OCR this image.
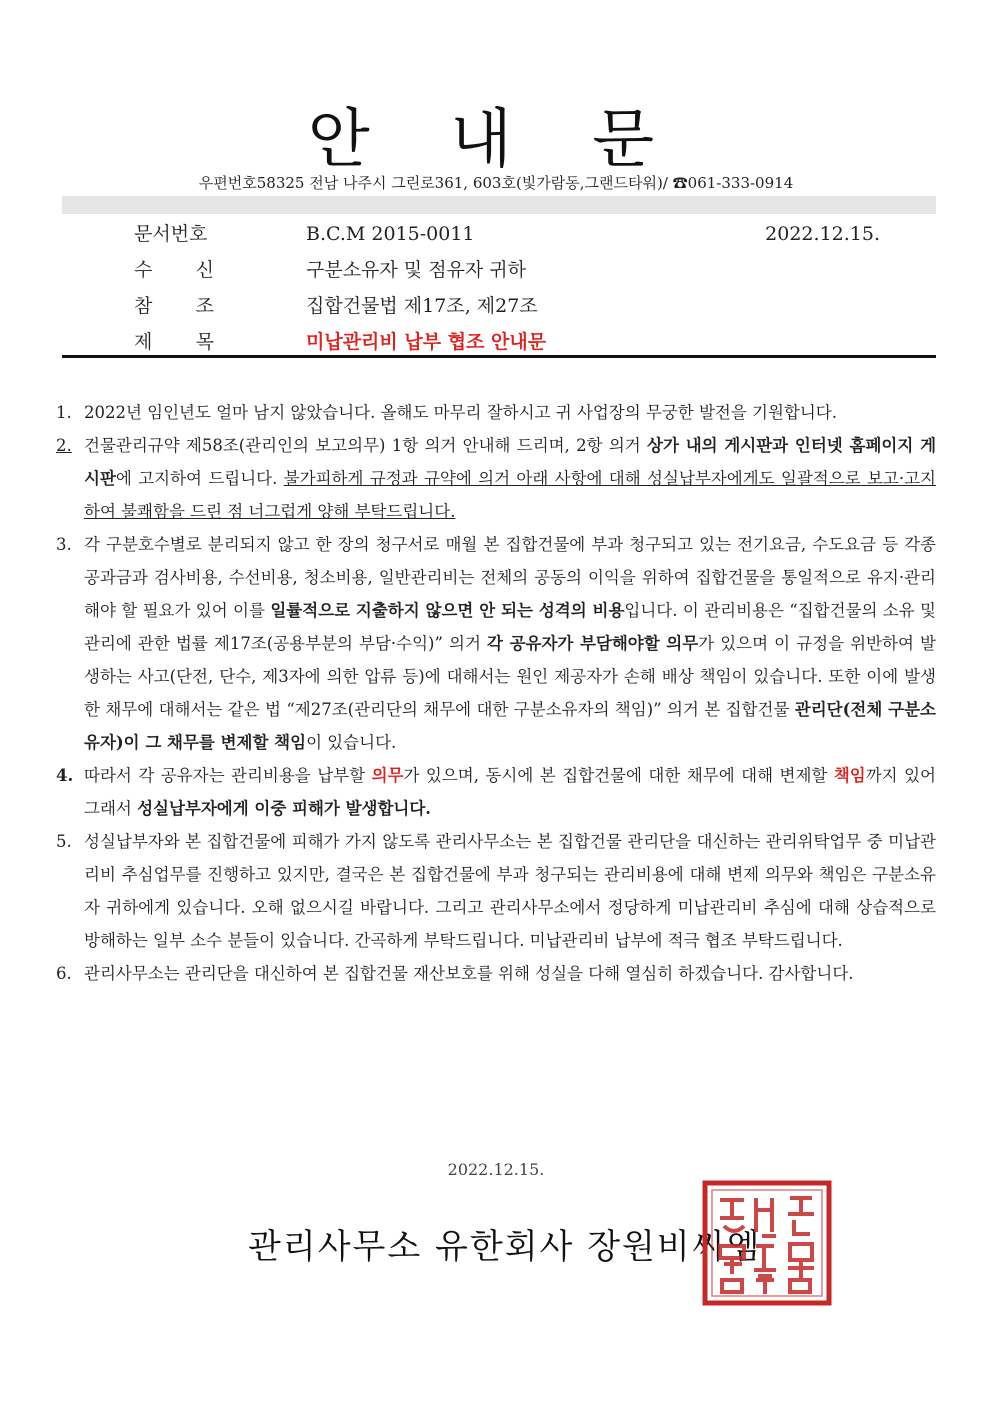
안 내 문
우편번호58325 전남 나주시 그린로361, 603호(빛가람동,그랜드타워)/ ☎061-333-0914
문서번호	B.C.M 2015-0011	2022.12.15.
수 신	구분소유자 및 점유자 귀하
참 조	집합건물법 제17조, 제27조
제 목	미납관리비 납부 협조 안내문
1. 2022년 임인년도 얼마 남지 않았습니다. 올해도 마무리 잘하시고 귀 사업장의 무궁한 발전을 기원합니다.
2. 건물관리규약 제58조(관리인의 보고의무) 1항 의거 안내해 드리며, 2항 의거 상가 내의 게시판과 인터넷 홈페이지 게시판에 고지하여 드립니다. 불가피하게 규정과 규약에 의거 아래 사항에 대해 성실납부자에게도 일괄적으로 보고·고지하여 불쾌함을 드린 점 너그럽게 양해 부탁드립니다.
3. 각 구분호수별로 분리되지 않고 한 장의 청구서로 매월 본 집합건물에 부과 청구되고 있는 전기요금, 수도요금 등 각종 공과금과 검사비용, 수선비용, 청소비용, 일반관리비는 전체의 공동의 이익을 위하여 집합건물을 통일적으로 유지·관리해야 할 필요가 있어 이를 일률적으로 지출하지 않으면 안 되는 성격의 비용입니다. 이 관리비용은 “집합건물의 소유 및 관리에 관한 법률 제17조(공용부분의 부담·수익)” 의거 각 공유자가 부담해야할 의무가 있으며 이 규정을 위반하여 발생하는 사고(단전, 단수, 제3자에 의한 압류 등)에 대해서는 원인 제공자가 손해 배상 책임이 있습니다. 또한 이에 발생한 채무에 대해서는 같은 법 “제27조(관리단의 채무에 대한 구분소유자의 책임)” 의거 본 집합건물 관리단(전체 구분소유자)이 그 채무를 변제할 책임이 있습니다.
4. 따라서 각 공유자는 관리비용을 납부할 의무가 있으며, 동시에 본 집합건물에 대한 채무에 대해 변제할 책임까지 있어 그래서 성실납부자에게 이중 피해가 발생합니다.
5. 성실납부자와 본 집합건물에 피해가 가지 않도록 관리사무소는 본 집합건물 관리단을 대신하는 관리위탁업무 중 미납관리비 추심업무를 진행하고 있지만, 결국은 본 집합건물에 부과 청구되는 관리비용에 대해 변제 의무와 책임은 구분소유자 귀하에게 있습니다. 오해 없으시길 바랍니다. 그리고 관리사무소에서 정당하게 미납관리비 추심에 대해 상습적으로 방해하는 일부 소수 분들이 있습니다. 간곡하게 부탁드립니다. 미납관리비 납부에 적극 협조 부탁드립니다.
6. 관리사무소는 관리단을 대신하여 본 집합건물 재산보호를 위해 성실을 다해 열심히 하겠습니다. 감사합니다.
2022.12.15.
관리사무소 유한회사 장원비씨엠
